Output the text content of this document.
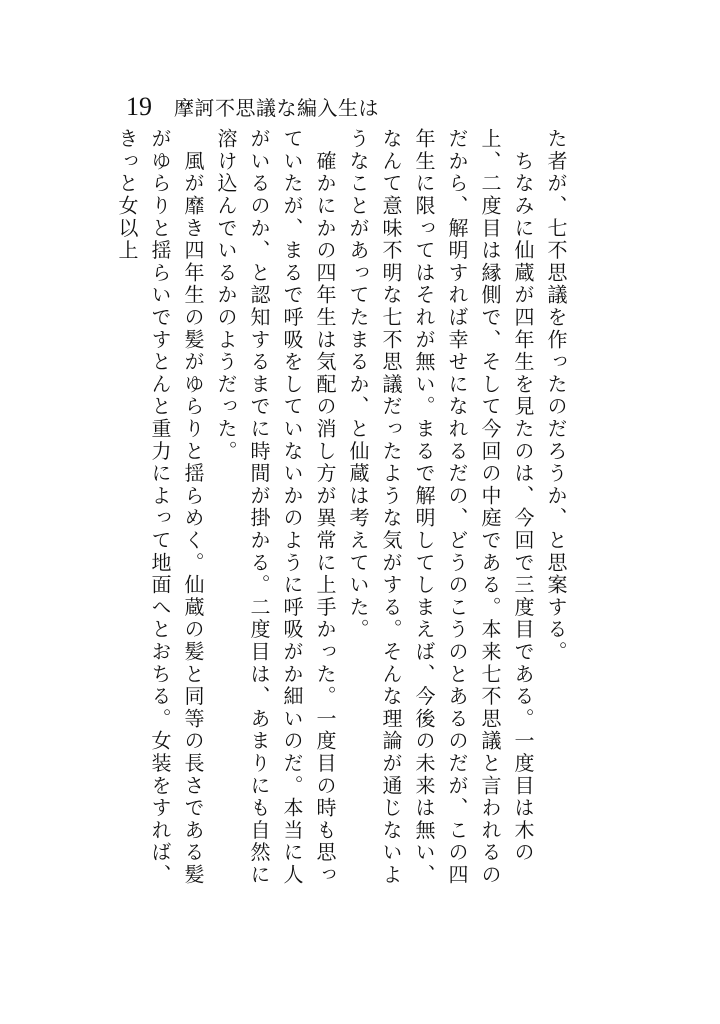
19 摩訶不思議な編入生は

た者が、七不思議を作ったのだろうか、と思案する。

　ちなみに仙蔵が四年生を見たのは、今回で三度目である。一度目は木の上、二度目は縁側で、そして今回の中庭である。本来七不思議と言われるのだから、解明すれば幸せになれるだの、どうのこうのとあるのだが、この四年生に限ってはそれが無い。まるで解明してしまえば、今後の未来は無い、なんて意味不明な七不思議だったような気がする。そんな理論が通じないようなことがあってたまるか、と仙蔵は考えていた。

　確かにかの四年生は気配の消し方が異常に上手かった。一度目の時も思っていたが、まるで呼吸をしていないかのように呼吸がか細いのだ。本当に人がいるのか、と認知するまでに時間が掛かる。二度目は、あまりにも自然に溶け込んでいるかのようだった。

　風が靡き四年生の髪がゆらりと揺らめく。仙蔵の髪と同等の長さである髪がゆらりと揺らいですとんと重力によって地面へとおちる。女装をすれば、きっと女以上
